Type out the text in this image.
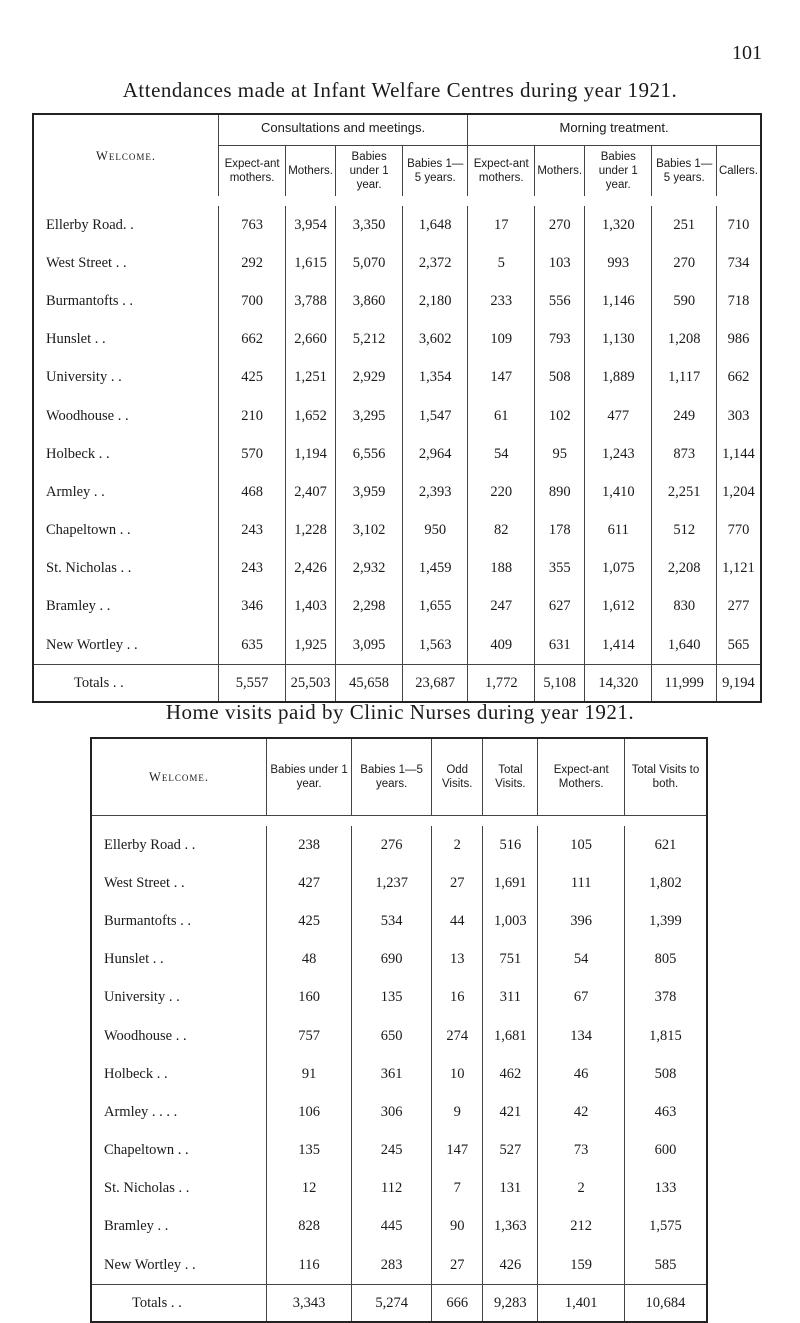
101
Attendances made at Infant Welfare Centres during year 1921.
Welcome.	Consultations and meetings.				Morning treatment.				
	Expect-ant mothers.	Mothers.	Babies under 1 year.	Babies 1—5 years.	Expect-ant mothers.	Mothers.	Babies under 1 year.	Babies 1—5 years.	Callers.

Ellerby Road. .	763	3,954	3,350	1,648	17	270	1,320	251	710
West Street . .	292	1,615	5,070	2,372	5	103	993	270	734
Burmantofts . .	700	3,788	3,860	2,180	233	556	1,146	590	718
Hunslet . .	662	2,660	5,212	3,602	109	793	1,130	1,208	986
University . .	425	1,251	2,929	1,354	147	508	1,889	1,117	662
Woodhouse . .	210	1,652	3,295	1,547	61	102	477	249	303
Holbeck . .	570	1,194	6,556	2,964	54	95	1,243	873	1,144
Armley . .	468	2,407	3,959	2,393	220	890	1,410	2,251	1,204
Chapeltown . .	243	1,228	3,102	950	82	178	611	512	770
St. Nicholas . .	243	2,426	2,932	1,459	188	355	1,075	2,208	1,121
Bramley . .	346	1,403	2,298	1,655	247	627	1,612	830	277
New Wortley . .	635	1,925	3,095	1,563	409	631	1,414	1,640	565
Totals . .	5,557	25,503	45,658	23,687	1,772	5,108	14,320	11,999	9,194
Home visits paid by Clinic Nurses during year 1921.
Welcome.	Babies under 1 year.	Babies 1—5 years.	Odd Visits.	Total Visits.	Expect-ant Mothers.	Total Visits to both.

Ellerby Road . .	238	276	2	516	105	621
West Street . .	427	1,237	27	1,691	111	1,802
Burmantofts . .	425	534	44	1,003	396	1,399
Hunslet . .	48	690	13	751	54	805
University . .	160	135	16	311	67	378
Woodhouse . .	757	650	274	1,681	134	1,815
Holbeck . .	91	361	10	462	46	508
Armley . . . .	106	306	9	421	42	463
Chapeltown . .	135	245	147	527	73	600
St. Nicholas . .	12	112	7	131	2	133
Bramley . .	828	445	90	1,363	212	1,575
New Wortley . .	116	283	27	426	159	585
Totals . .	3,343	5,274	666	9,283	1,401	10,684
